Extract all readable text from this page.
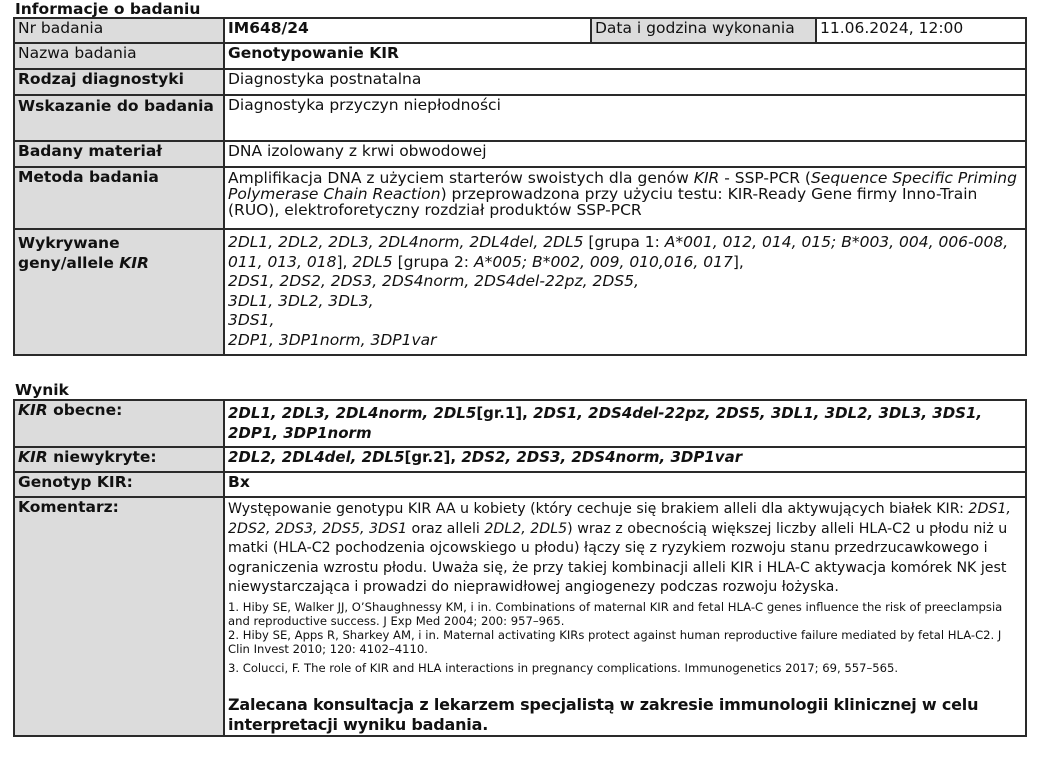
Informacje o badaniu
Nr badania	IM648/24	Data i godzina wykonania	11.06.2024, 12:00
Nazwa badania	Genotypowanie KIR		
Rodzaj diagnostyki	Diagnostyka postnatalna		
Wskazanie do badania	Diagnostyka przyczyn niepłodności		
Badany materiał	DNA izolowany z krwi obwodowej		
Metoda badania	Amplifikacja DNA z użyciem starterów swoistych dla genów KIR - SSP-PCR (Sequence Specific Priming Polymerase Chain Reaction) przeprowadzona przy użyciu testu: KIR-Ready Gene firmy Inno-Train (RUO), elektroforetyczny rozdział produktów SSP-PCR		
Wykrywane geny/allele KIR	2DL1, 2DL2, 2DL3, 2DL4norm, 2DL4del, 2DL5 [grupa 1: A*001, 012, 014, 015; B*003, 004, 006-008, 011, 013, 018], 2DL5 [grupa 2: A*005; B*002, 009, 010,016, 017],
2DS1, 2DS2, 2DS3, 2DS4norm, 2DS4del-22pz, 2DS5,
3DL1, 3DL2, 3DL3,
3DS1,
2DP1, 3DP1norm, 3DP1var		
Wynik
KIR obecne:	2DL1, 2DL3, 2DL4norm, 2DL5[gr.1], 2DS1, 2DS4del-22pz, 2DS5, 3DL1, 3DL2, 3DL3, 3DS1, 2DP1, 3DP1norm
KIR niewykryte:	2DL2, 2DL4del, 2DL5[gr.2], 2DS2, 2DS3, 2DS4norm, 3DP1var
Genotyp KIR:	Bx
Komentarz:	Występowanie genotypu KIR AA u kobiety (który cechuje się brakiem alleli dla aktywujących białek KIR: 2DS1, 2DS2, 2DS3, 2DS5, 3DS1 oraz alleli 2DL2, 2DL5) wraz z obecnością większej liczby alleli HLA-C2 u płodu niż u matki (HLA-C2 pochodzenia ojcowskiego u płodu) łączy się z ryzykiem rozwoju stanu przedrzucawkowego i ograniczenia wzrostu płodu. Uważa się, że przy takiej kombinacji alleli KIR i HLA-C aktywacja komórek NK jest niewystarczająca i prowadzi do nieprawidłowej angiogenezy podczas rozwoju łożyska.
1. Hiby SE, Walker JJ, O’Shaughnessy KM, i in. Combinations of maternal KIR and fetal HLA-C genes influence the risk of preeclampsia and reproductive success. J Exp Med 2004; 200: 957–965.
2. Hiby SE, Apps R, Sharkey AM, i in. Maternal activating KIRs protect against human reproductive failure mediated by fetal HLA-C2. J Clin Invest 2010; 120: 4102–4110.
3. Colucci, F. The role of KIR and HLA interactions in pregnancy complications. Immunogenetics 2017; 69, 557–565.
Zalecana konsultacja z lekarzem specjalistą w zakresie immunologii klinicznej w celu interpretacji wyniku badania.
